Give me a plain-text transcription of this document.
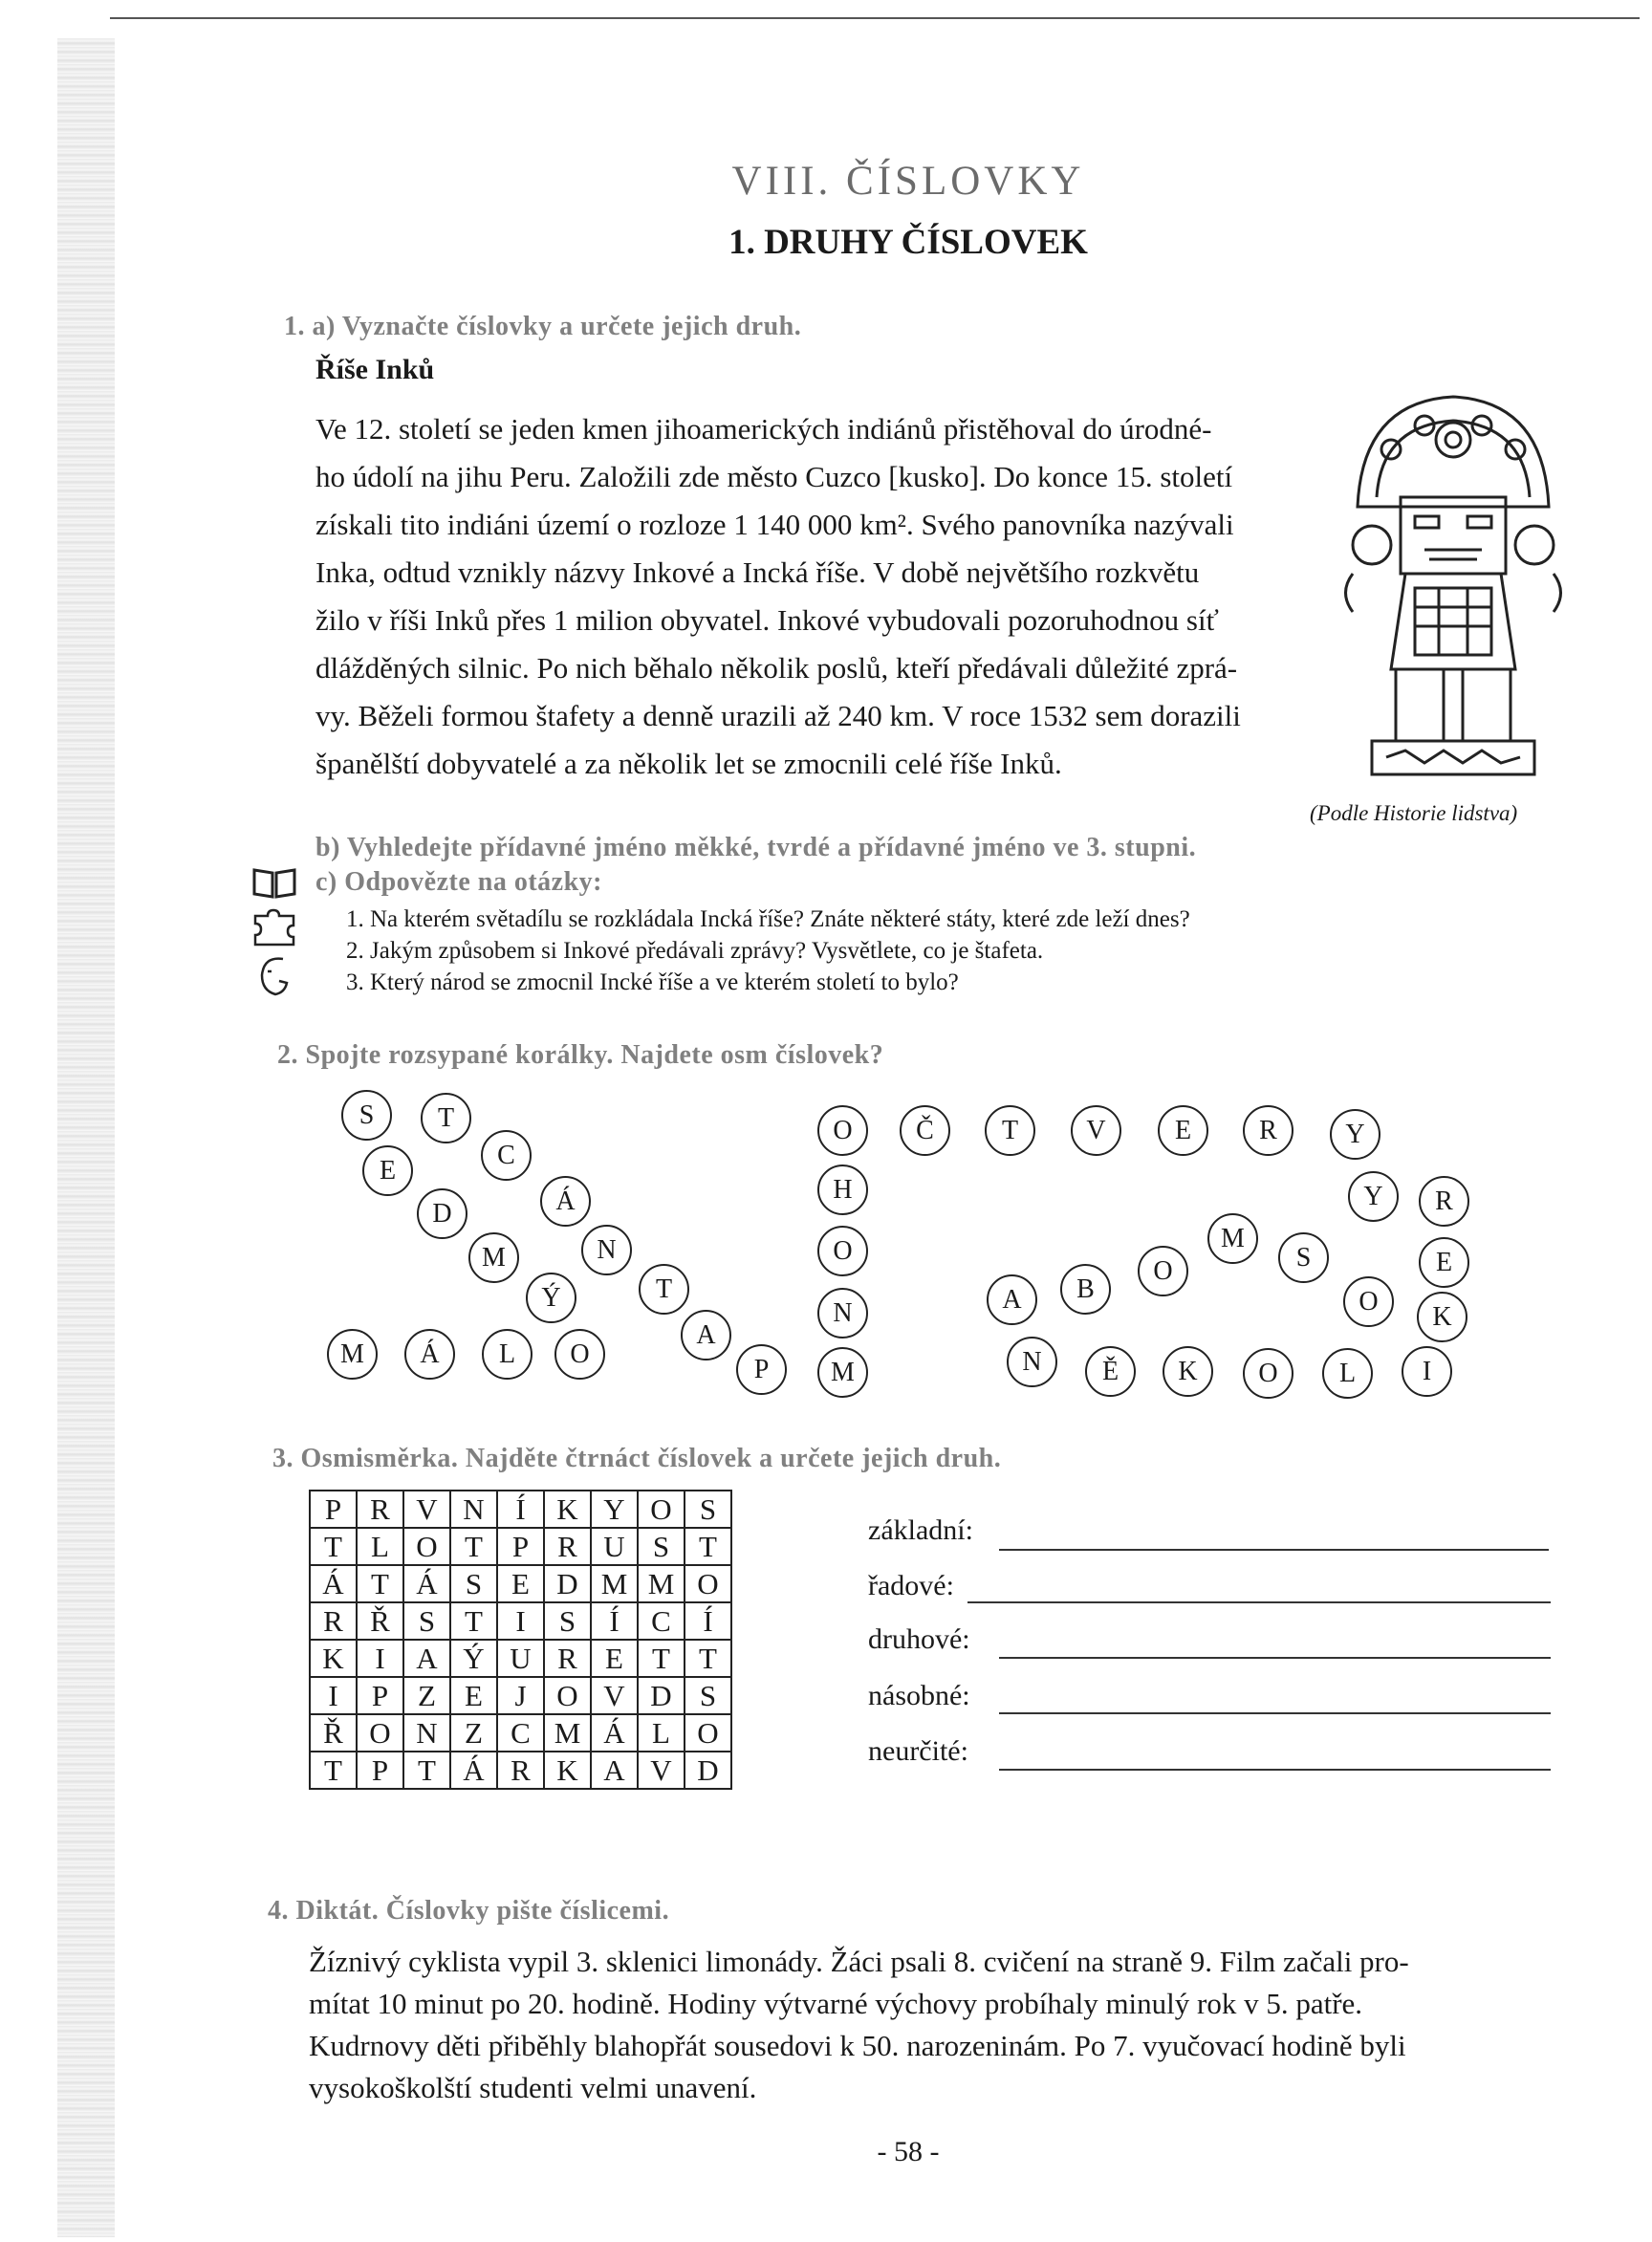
VIII. ČÍSLOVKY
1. DRUHY ČÍSLOVEK
1. a) Vyznačte číslovky a určete jejich druh.
Říše Inků
Ve 12. století se jeden kmen jihoamerických indiánů přistěhoval do úrodné-
ho údolí na jihu Peru. Založili zde město Cuzco [kusko]. Do konce 15. století
získali tito indiáni území o rozloze 1 140 000 km². Svého panovníka nazývali
Inka, odtud vznikly názvy Inkové a Incká říše. V době největšího rozkvětu
žilo v říši Inků přes 1 milion obyvatel. Inkové vybudovali pozoruhodnou síť
dlážděných silnic. Po nich běhalo několik poslů, kteří předávali důležité zprá-
vy. Běželi formou štafety a denně urazili až 240 km. V roce 1532 sem dorazili
španělští dobyvatelé a za několik let se zmocnili celé říše Inků.
(Podle Historie lidstva)
b) Vyhledejte přídavné jméno měkké, tvrdé a přídavné jméno ve 3. stupni.
c) Odpovězte na otázky:
1. Na kterém světadílu se rozkládala Incká říše? Znáte některé státy, které zde leží dnes?
2. Jakým způsobem si Inkové předávali zprávy? Vysvětlete, co je štafeta.
3. Který národ se zmocnil Incké říše a ve kterém století to bylo?
2. Spojte rozsypané korálky. Najdete osm číslovek?
S	T
C
E
Á
D
M	N
Ý	T
A
P
M	Á	L	O
O	Č	T	V	E	R	Y
H
O
N
M
Y	R
M
S	E
O
B
A	O
K
N	Ě	K	O	L	I
3. Osmisměrka. Najděte čtrnáct číslovek a určete jejich druh.
P	R	V	N	Í	K	Y	O	S
T	L	O	T	P	R	U	S	T
Á	T	Á	S	E	D	M	M	O
R	Ř	S	T	I	S	Í	C	Í
K	I	A	Ý	U	R	E	T	T
I	P	Z	E	J	O	V	D	S
Ř	O	N	Z	C	M	Á	L	O
T	P	T	Á	R	K	A	V	D
základní:
řadové:
druhové:
násobné:
neurčité:
4. Diktát. Číslovky pište číslicemi.
Žíznivý cyklista vypil 3. sklenici limonády. Žáci psali 8. cvičení na straně 9. Film začali pro-
mítat 10 minut po 20. hodině. Hodiny výtvarné výchovy probíhaly minulý rok v 5. patře.
Kudrnovy děti přiběhly blahopřát sousedovi k 50. narozeninám. Po 7. vyučovací hodině byli
vysokoškolští studenti velmi unavení.
- 58 -
